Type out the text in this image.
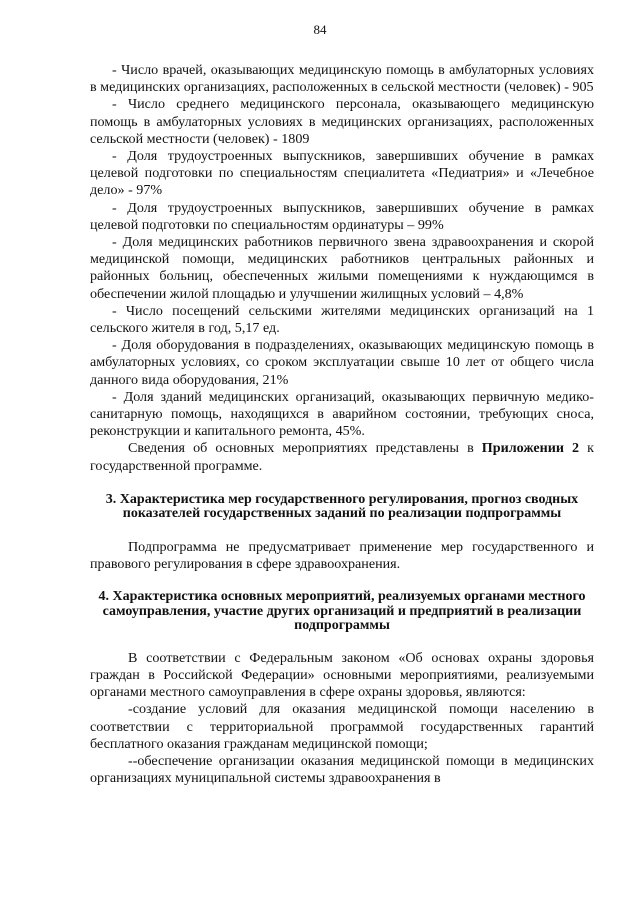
84

- Число врачей, оказывающих медицинскую помощь в амбулаторных условиях в медицинских организациях, расположенных в сельской местности (человек) - 905

- Число среднего медицинского персонала, оказывающего медицинскую помощь в амбулаторных условиях в медицинских организациях, расположенных сельской местности (человек) - 1809

- Доля трудоустроенных выпускников, завершивших обучение в рамках целевой подготовки по специальностям специалитета «Педиатрия» и «Лечебное дело» - 97%

- Доля трудоустроенных выпускников, завершивших обучение в рамках целевой подготовки по специальностям ординатуры – 99%

- Доля медицинских работников первичного звена здравоохранения и скорой медицинской помощи, медицинских работников центральных районных и районных больниц, обеспеченных жилыми помещениями к нуждающимся в обеспечении жилой площадью и улучшении жилищных условий – 4,8%

- Число посещений сельскими жителями медицинских организаций на 1 сельского жителя в год, 5,17 ед.

- Доля оборудования в подразделениях, оказывающих медицинскую помощь в амбулаторных условиях, со сроком эксплуатации свыше 10 лет от общего числа данного вида оборудования, 21%

- Доля зданий медицинских организаций, оказывающих первичную медико-санитарную помощь, находящихся в аварийном состоянии, требующих сноса, реконструкции и капитального ремонта, 45%.

Сведения об основных мероприятиях представлены в Приложении 2 к государственной программе.

3. Характеристика мер государственного регулирования, прогноз сводных показателей государственных заданий по реализации подпрограммы

Подпрограмма не предусматривает применение мер государственного и правового регулирования в сфере здравоохранения.

4. Характеристика основных мероприятий, реализуемых органами местного самоуправления, участие других организаций и предприятий в реализации подпрограммы

В соответствии с Федеральным законом «Об основах охраны здоровья граждан в Российской Федерации» основными мероприятиями, реализуемыми органами местного самоуправления в сфере охраны здоровья, являются:

-создание условий для оказания медицинской помощи населению в соответствии с территориальной программой государственных гарантий бесплатного оказания гражданам медицинской помощи;

--обеспечение организации оказания медицинской помощи в медицинских организациях муниципальной системы здравоохранения в
